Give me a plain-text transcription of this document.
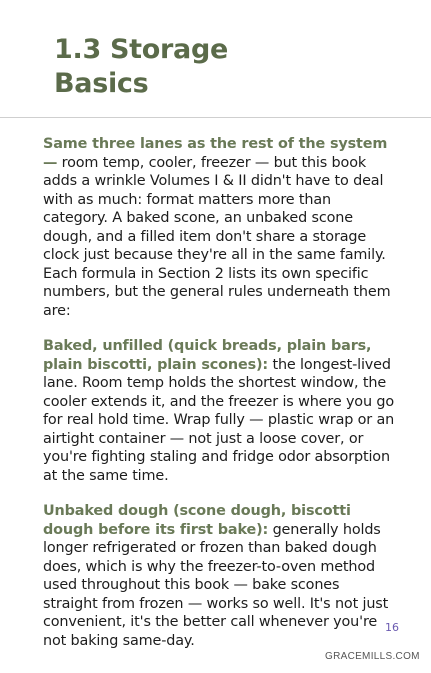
1.3 Storage
Basics

Same three lanes as the rest of the system — room temp, cooler, freezer — but this book adds a wrinkle Volumes I & II didn't have to deal with as much: format matters more than category. A baked scone, an unbaked scone dough, and a filled item don't share a storage clock just because they're all in the same family. Each formula in Section 2 lists its own specific numbers, but the general rules underneath them are:

Baked, unfilled (quick breads, plain bars, plain biscotti, plain scones): the longest-lived lane. Room temp holds the shortest window, the cooler extends it, and the freezer is where you go for real hold time. Wrap fully — plastic wrap or an airtight container — not just a loose cover, or you're fighting staling and fridge odor absorption at the same time.

Unbaked dough (scone dough, biscotti dough before its first bake): generally holds longer refrigerated or frozen than baked dough does, which is why the freezer-to-oven method used throughout this book — bake scones straight from frozen — works so well. It's not just convenient, it's the better call whenever you're not baking same-day.

16
GRACEMILLS.COM
